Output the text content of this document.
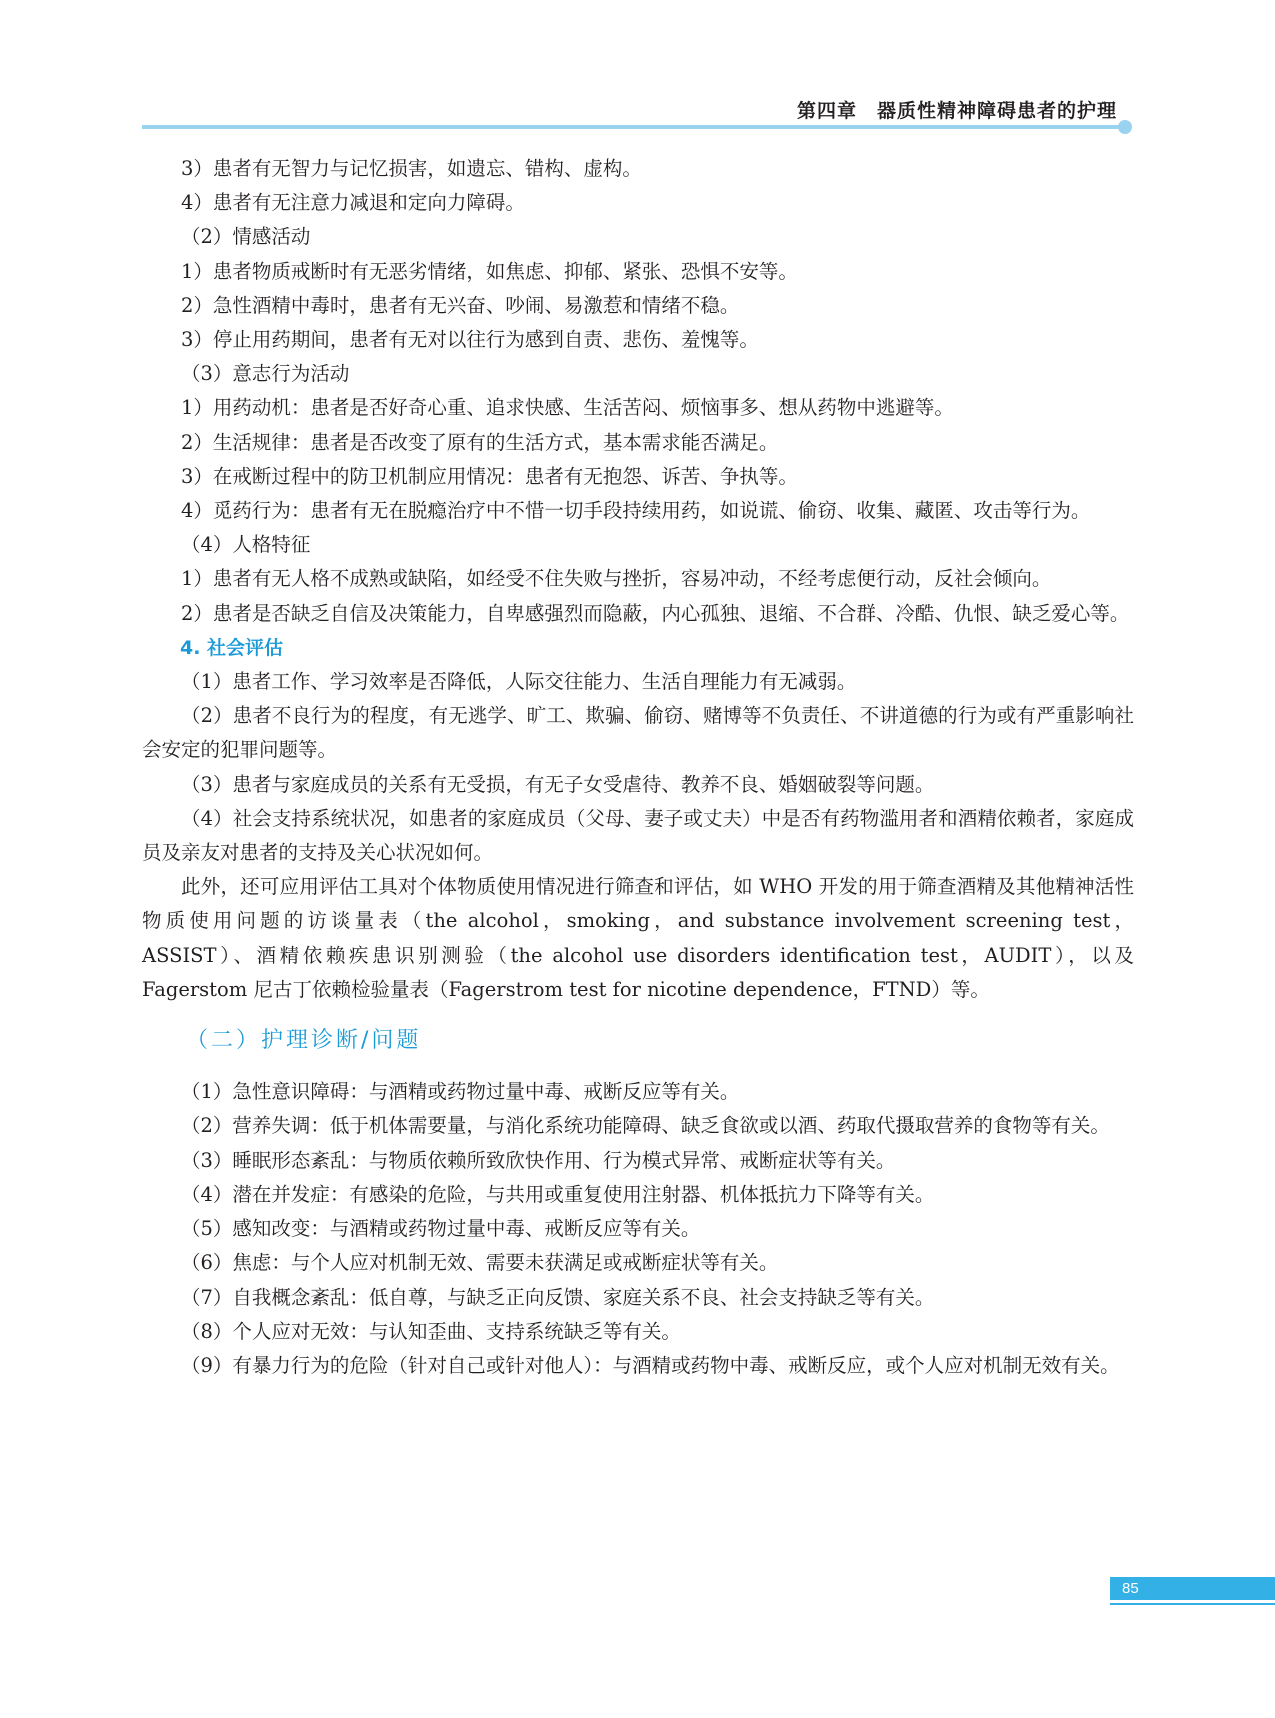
第四章　器质性精神障碍患者的护理

3）患者有无智力与记忆损害，如遗忘、错构、虚构。

4）患者有无注意力减退和定向力障碍。

（2）情感活动

1）患者物质戒断时有无恶劣情绪，如焦虑、抑郁、紧张、恐惧不安等。

2）急性酒精中毒时，患者有无兴奋、吵闹、易激惹和情绪不稳。

3）停止用药期间，患者有无对以往行为感到自责、悲伤、羞愧等。

（3）意志行为活动

1）用药动机：患者是否好奇心重、追求快感、生活苦闷、烦恼事多、想从药物中逃避等。

2）生活规律：患者是否改变了原有的生活方式，基本需求能否满足。

3）在戒断过程中的防卫机制应用情况：患者有无抱怨、诉苦、争执等。

4）觅药行为：患者有无在脱瘾治疗中不惜一切手段持续用药，如说谎、偷窃、收集、藏匿、攻击等行为。

（4）人格特征

1）患者有无人格不成熟或缺陷，如经受不住失败与挫折，容易冲动，不经考虑便行动，反社会倾向。

2）患者是否缺乏自信及决策能力，自卑感强烈而隐蔽，内心孤独、退缩、不合群、冷酷、仇恨、缺乏爱心等。

4. 社会评估

（1）患者工作、学习效率是否降低，人际交往能力、生活自理能力有无减弱。

（2）患者不良行为的程度，有无逃学、旷工、欺骗、偷窃、赌博等不负责任、不讲道德的行为或有严重影响社会安定的犯罪问题等。

（3）患者与家庭成员的关系有无受损，有无子女受虐待、教养不良、婚姻破裂等问题。

（4）社会支持系统状况，如患者的家庭成员（父母、妻子或丈夫）中是否有药物滥用者和酒精依赖者，家庭成员及亲友对患者的支持及关心状况如何。

此外，还可应用评估工具对个体物质使用情况进行筛查和评估，如 WHO 开发的用于筛查酒精及其他精神活性物质使用问题的访谈量表（the alcohol，smoking，and substance involvement screening test，ASSIST）、酒精依赖疾患识别测验（the alcohol use disorders identification test，AUDIT），以及 Fagerstom 尼古丁依赖检验量表（Fagerstrom test for nicotine dependence，FTND）等。

（二）护理诊断/问题

（1）急性意识障碍：与酒精或药物过量中毒、戒断反应等有关。

（2）营养失调：低于机体需要量，与消化系统功能障碍、缺乏食欲或以酒、药取代摄取营养的食物等有关。

（3）睡眠形态紊乱：与物质依赖所致欣快作用、行为模式异常、戒断症状等有关。

（4）潜在并发症：有感染的危险，与共用或重复使用注射器、机体抵抗力下降等有关。

（5）感知改变：与酒精或药物过量中毒、戒断反应等有关。

（6）焦虑：与个人应对机制无效、需要未获满足或戒断症状等有关。

（7）自我概念紊乱：低自尊，与缺乏正向反馈、家庭关系不良、社会支持缺乏等有关。

（8）个人应对无效：与认知歪曲、支持系统缺乏等有关。

（9）有暴力行为的危险（针对自己或针对他人）：与酒精或药物中毒、戒断反应，或个人应对机制无效有关。

85
